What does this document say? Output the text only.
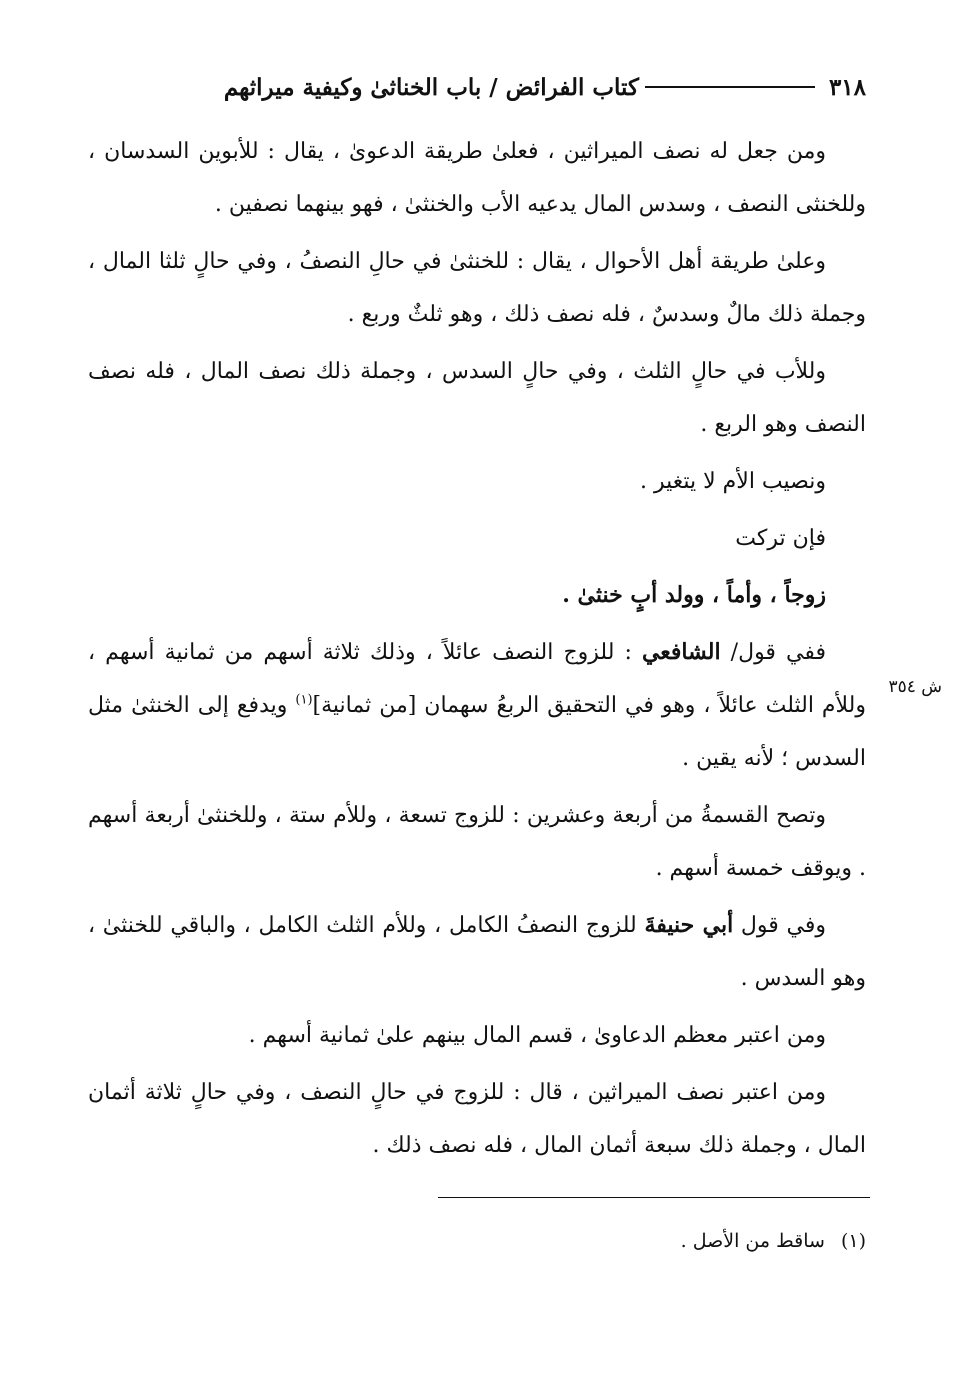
٣١٨
كتاب الفرائض / باب الخناثىٰ وكيفية ميراثهم
ش ٣٥٤

ومن جعل له نصف الميراثين ، فعلىٰ طريقة الدعوىٰ ، يقال : للأبوين السدسان ، وللخنثى النصف ، وسدس المال يدعيه الأب والخنثىٰ ، فهو بينهما نصفين .

وعلىٰ طريقة أهل الأحوال ، يقال : للخنثىٰ في حالِ النصفُ ، وفي حالٍ ثلثا المال ، وجملة ذلك مالٌ وسدسٌ ، فله نصف ذلك ، وهو ثلثٌ وربع .

وللأب في حالٍ الثلث ، وفي حالٍ السدس ، وجملة ذلك نصف المال ، فله نصف النصف وهو الربع .

ونصيب الأم لا يتغير .

فإن تركت

زوجاً ، وأماً ، وولد أبٍ خنثىٰ .

ففي قول/ الشافعي : للزوج النصف عائلاً ، وذلك ثلاثة أسهم من ثمانية أسهم ، وللأم الثلث عائلاً ، وهو في التحقيق الربعُ سهمان [من ثمانية]$^{(١)}$ ويدفع إلى الخنثىٰ مثل السدس ؛ لأنه يقين .

وتصح القسمةُ من أربعة وعشرين : للزوج تسعة ، وللأم ستة ، وللخنثىٰ أربعة أسهم . ويوقف خمسة أسهم .

وفي قول أبي حنيفةَ للزوج النصفُ الكامل ، وللأم الثلث الكامل ، والباقي للخنثىٰ ، وهو السدس .

ومن اعتبر معظم الدعاوىٰ ، قسم المال بينهم علىٰ ثمانية أسهم .

ومن اعتبر نصف الميراثين ، قال : للزوج في حالٍ النصف ، وفي حالٍ ثلاثة أثمان المال ، وجملة ذلك سبعة أثمان المال ، فله نصف ذلك .

(١)ساقط من الأصل .
